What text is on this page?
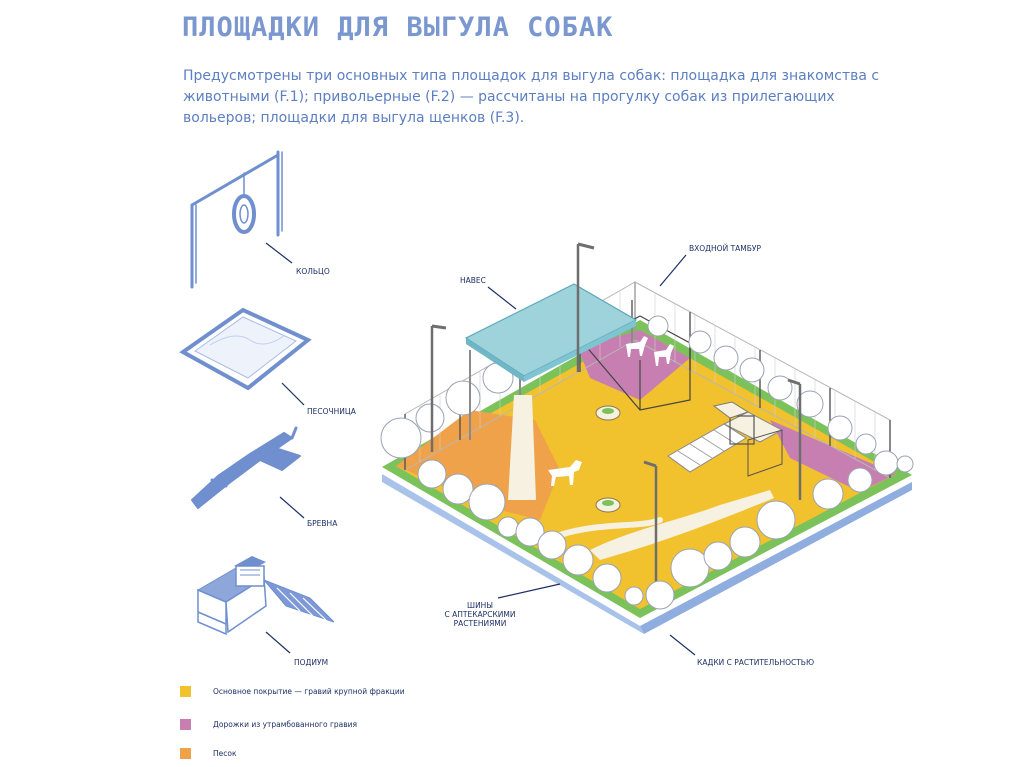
ПЛОЩАДКИ ДЛЯ ВЫГУЛА СОБАК

Предусмотрены три основных типа площадок для выгула собак: площадка для знакомства с животными (F.1); привольерные (F.2) — рассчитаны на прогулку собак из прилегающих вольеров; площадки для выгула щенков (F.3).

КОЛЬЦО
ПЕСОЧНИЦА
БРЕВНА
ПОДИУМ
НАВЕС
ВХОДНОЙ ТАМБУР
ШИНЫ
С АПТЕКАРСКИМИ
РАСТЕНИЯМИ
КАДКИ С РАСТИТЕЛЬНОСТЬЮ
Основное покрытие — гравий крупной фракции
Дорожки из утрамбованного гравия
Песок
